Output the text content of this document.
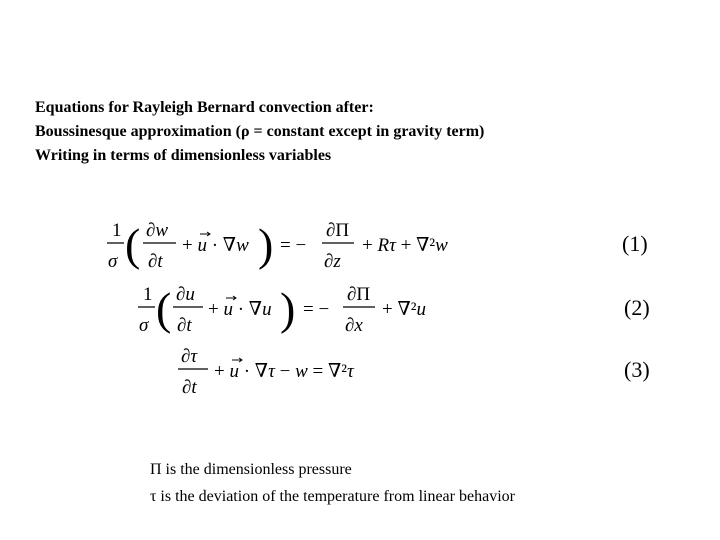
Equations for Rayleigh Bernard convection after:
Boussinesque approximation (ρ = constant except in gravity term)
Writing in terms of dimensionless variables
1
σ ( ∂w
∂t
+ u · ∇w ) = −
∂Π
∂z
+ Rτ + ∇²w	(1)
1
σ ( ∂u
∂t
+ u · ∇u ) = −
∂Π
∂x
+ ∇²u	(2)
∂τ
∂t
+ u · ∇τ − w = ∇²τ	(3)
Π is the dimensionless pressure
τ is the deviation of the temperature from linear behavior
